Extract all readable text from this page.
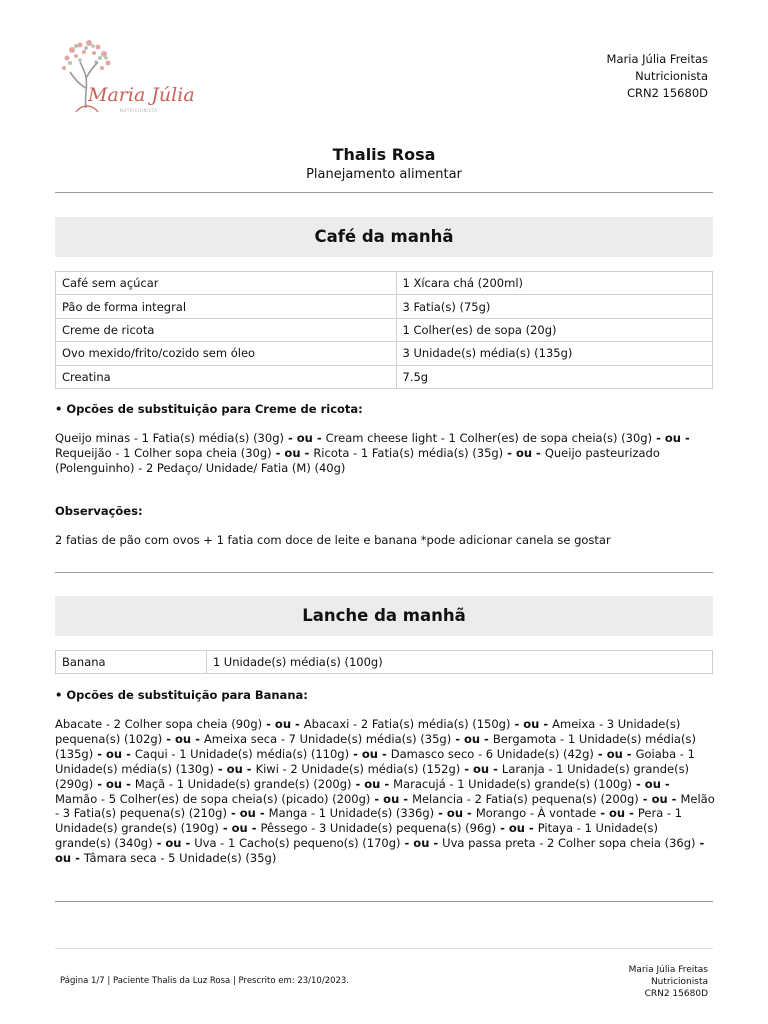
Maria Júlia
NUTRICIONISTA
Maria Júlia Freitas
Nutricionista
CRN2 15680D
Thalis Rosa
Planejamento alimentar
Café da manhã
Café sem açúcar	1 Xícara chá (200ml)
Pão de forma integral	3 Fatia(s) (75g)
Creme de ricota	1 Colher(es) de sopa (20g)
Ovo mexido/frito/cozido sem óleo	3 Unidade(s) média(s) (135g)
Creatina	7.5g
• Opcões de substituição para Creme de ricota:
Queijo minas - 1 Fatia(s) média(s) (30g) - ou - Cream cheese light - 1 Colher(es) de sopa cheia(s) (30g) - ou - Requeijão - 1 Colher sopa cheia (30g) - ou - Ricota - 1 Fatia(s) média(s) (35g) - ou - Queijo pasteurizado (Polenguinho) - 2 Pedaço/ Unidade/ Fatia (M) (40g)
Observações:
2 fatias de pão com ovos + 1 fatia com doce de leite e banana *pode adicionar canela se gostar
Lanche da manhã
Banana	1 Unidade(s) média(s) (100g)
• Opcões de substituição para Banana:
Abacate - 2 Colher sopa cheia (90g) - ou - Abacaxi - 2 Fatia(s) média(s) (150g) - ou - Ameixa - 3 Unidade(s) pequena(s) (102g) - ou - Ameixa seca - 7 Unidade(s) média(s) (35g) - ou - Bergamota - 1 Unidade(s) média(s) (135g) - ou - Caqui - 1 Unidade(s) média(s) (110g) - ou - Damasco seco - 6 Unidade(s) (42g) - ou - Goiaba - 1 Unidade(s) média(s) (130g) - ou - Kiwi - 2 Unidade(s) média(s) (152g) - ou - Laranja - 1 Unidade(s) grande(s) (290g) - ou - Maçã - 1 Unidade(s) grande(s) (200g) - ou - Maracujá - 1 Unidade(s) grande(s) (100g) - ou - Mamão - 5 Colher(es) de sopa cheia(s) (picado) (200g) - ou - Melancia - 2 Fatia(s) pequena(s) (200g) - ou - Melão - 3 Fatia(s) pequena(s) (210g) - ou - Manga - 1 Unidade(s) (336g) - ou - Morango - À vontade - ou - Pera - 1 Unidade(s) grande(s) (190g) - ou - Pêssego - 3 Unidade(s) pequena(s) (96g) - ou - Pitaya - 1 Unidade(s) grande(s) (340g) - ou - Uva - 1 Cacho(s) pequeno(s) (170g) - ou - Uva passa preta - 2 Colher sopa cheia (36g) - ou - Tâmara seca - 5 Unidade(s) (35g)
Página 1/7 | Paciente Thalis da Luz Rosa | Prescrito em: 23/10/2023.
Maria Júlia Freitas
Nutricionista
CRN2 15680D
